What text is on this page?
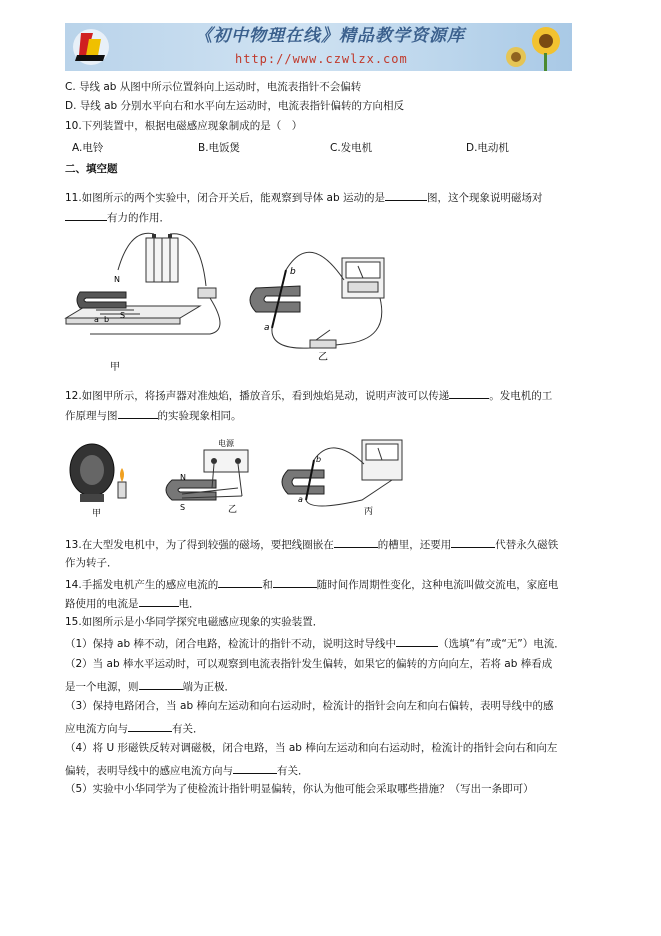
《初中物理在线》精品教学资源库
http://www.czwlzx.com
C. 导线 ab 从图中所示位置斜向上运动时，电流表指针不会偏转
D. 导线 ab 分别水平向右和水平向左运动时，电流表指针偏转的方向相反
10.下列装置中，根据电磁感应现象制成的是（　）
A.电铃	B.电饭煲	C.发电机	D.电动机
二、填空题
11.如图所示的两个实验中，闭合开关后，能观察到导体 ab 运动的是	图，这个现象说明磁场对
有力的作用．
N
S
a b
b
a
甲
乙
12.如图甲所示，将扬声器对准烛焰，播放音乐，看到烛焰晃动，说明声波可以传递	。发电机的工
作原理与图	的实验现象相同。
甲
电源
N
S	乙
b
a
丙
13.在大型发电机中，为了得到较强的磁场，要把线圈嵌在	的槽里，还要用	代替永久磁铁
作为转子．
14.手摇发电机产生的感应电流的	和	随时间作周期性变化，这种电流叫做交流电，家庭电
路使用的电流是	电．
15.如图所示是小华同学探究电磁感应现象的实验装置．
（1）保持 ab 棒不动，闭合电路，检流计的指针不动，说明这时导线中	（选填“有”或“无”）电流．
（2）当 ab 棒水平运动时，可以观察到电流表指针发生偏转，如果它的偏转的方向向左，若将 ab 棒看成
是一个电源，则	端为正极．
（3）保持电路闭合，当 ab 棒向左运动和向右运动时，检流计的指针会向左和向右偏转，表明导线中的感
应电流方向与	有关．
（4）将 U 形磁铁反转对调磁极，闭合电路，当 ab 棒向左运动和向右运动时，检流计的指针会向右和向左
偏转，表明导线中的感应电流方向与	有关．
（5）实验中小华同学为了使检流计指针明显偏转，你认为他可能会采取哪些措施？（写出一条即可）
